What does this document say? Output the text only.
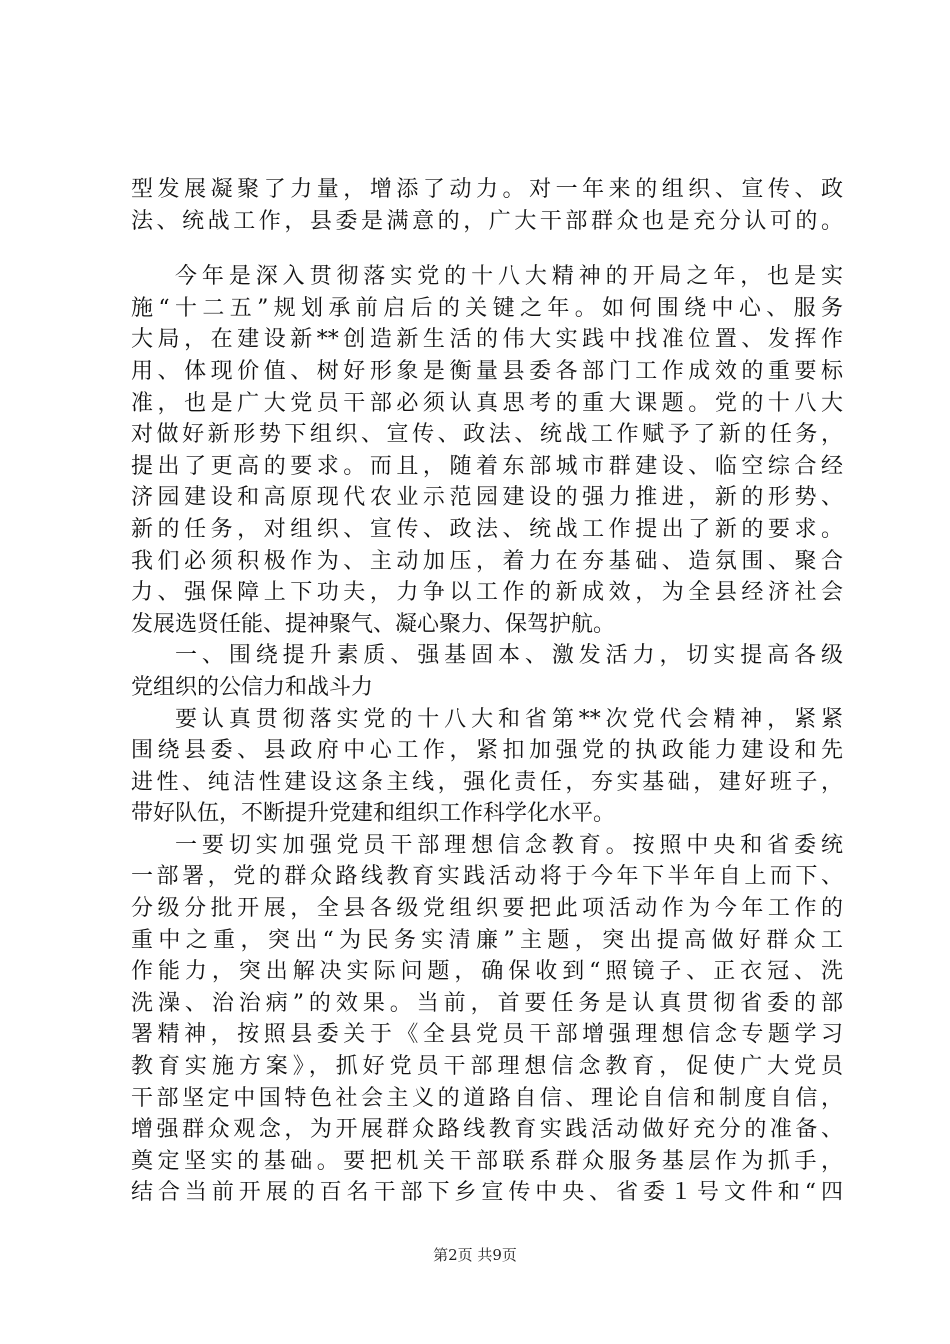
型发展凝聚了力量，增添了动力。对一年来的组织、宣传、政
法、统战工作，县委是满意的，广大干部群众也是充分认可的。
今年是深入贯彻落实党的十八大精神的开局之年，也是实
施“十二五”规划承前启后的关键之年。如何围绕中心、服务
大局，在建设新**创造新生活的伟大实践中找准位置、发挥作
用、体现价值、树好形象是衡量县委各部门工作成效的重要标
准，也是广大党员干部必须认真思考的重大课题。党的十八大
对做好新形势下组织、宣传、政法、统战工作赋予了新的任务，
提出了更高的要求。而且，随着东部城市群建设、临空综合经
济园建设和高原现代农业示范园建设的强力推进，新的形势、
新的任务，对组织、宣传、政法、统战工作提出了新的要求。
我们必须积极作为、主动加压，着力在夯基础、造氛围、聚合
力、强保障上下功夫，力争以工作的新成效，为全县经济社会
发展选贤任能、提神聚气、凝心聚力、保驾护航。
一、围绕提升素质、强基固本、激发活力，切实提高各级
党组织的公信力和战斗力
要认真贯彻落实党的十八大和省第**次党代会精神，紧紧
围绕县委、县政府中心工作，紧扣加强党的执政能力建设和先
进性、纯洁性建设这条主线，强化责任，夯实基础，建好班子，
带好队伍，不断提升党建和组织工作科学化水平。
一要切实加强党员干部理想信念教育。按照中央和省委统
一部署，党的群众路线教育实践活动将于今年下半年自上而下、
分级分批开展，全县各级党组织要把此项活动作为今年工作的
重中之重，突出“为民务实清廉”主题，突出提高做好群众工
作能力，突出解决实际问题，确保收到“照镜子、正衣冠、洗
洗澡、治治病”的效果。当前，首要任务是认真贯彻省委的部
署精神，按照县委关于《全县党员干部增强理想信念专题学习
教育实施方案》，抓好党员干部理想信念教育，促使广大党员
干部坚定中国特色社会主义的道路自信、理论自信和制度自信，
增强群众观念，为开展群众路线教育实践活动做好充分的准备、
奠定坚实的基础。要把机关干部联系群众服务基层作为抓手，
结合当前开展的百名干部下乡宣传中央、省委１号文件和“四
第2页 共9页
